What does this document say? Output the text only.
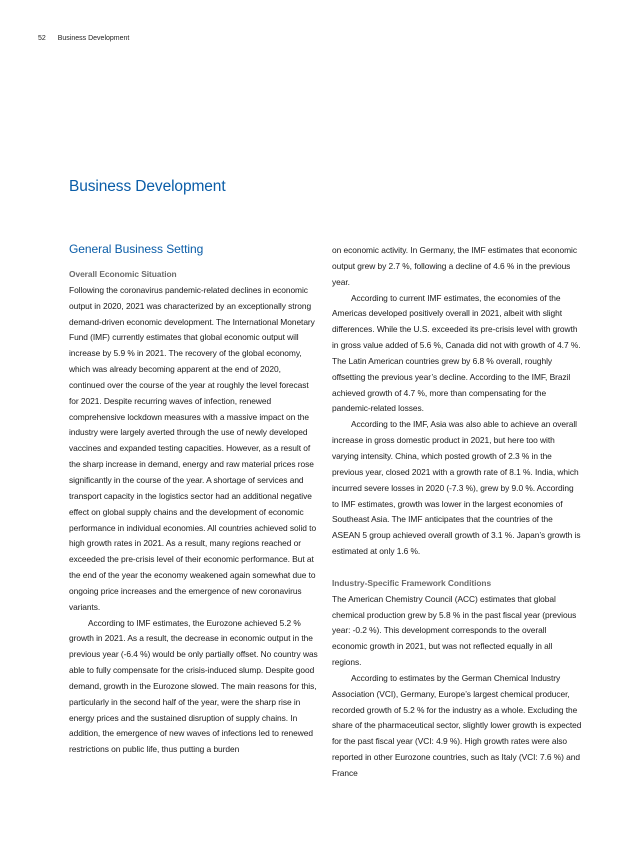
52 Business Development
Business Development
General Business Setting
Overall Economic Situation

Following the coronavirus pandemic-related declines in economic output in 2020, 2021 was characterized by an exceptionally strong demand-driven economic development. The International Monetary Fund (IMF) currently estimates that global economic output will increase by 5.9 % in 2021. The recovery of the global economy, which was already becoming apparent at the end of 2020, continued over the course of the year at roughly the level forecast for 2021. Despite recurring waves of infection, renewed comprehensive lockdown measures with a massive impact on the industry were largely averted through the use of newly developed vaccines and expanded testing capacities. However, as a result of the sharp increase in demand, energy and raw material prices rose significantly in the course of the year. A shortage of services and transport capacity in the logistics sector had an additional negative effect on global supply chains and the development of economic performance in individual economies. All countries achieved solid to high growth rates in 2021. As a result, many regions reached or exceeded the pre-crisis level of their economic performance. But at the end of the year the economy weakened again somewhat due to ongoing price increases and the emergence of new coronavirus variants.

According to IMF estimates, the Eurozone achieved 5.2 % growth in 2021. As a result, the decrease in economic output in the previous year (-6.4 %) would be only partially offset. No country was able to fully compensate for the crisis-induced slump. Despite good demand, growth in the Eurozone slowed. The main reasons for this, particularly in the second half of the year, were the sharp rise in energy prices and the sustained disruption of supply chains. In addition, the emergence of new waves of infections led to renewed restrictions on public life, thus putting a burden

on economic activity. In Germany, the IMF estimates that economic output grew by 2.7 %, following a decline of 4.6 % in the previous year.

According to current IMF estimates, the economies of the Americas developed positively overall in 2021, albeit with slight differences. While the U.S. exceeded its pre-crisis level with growth in gross value added of 5.6 %, Canada did not with growth of 4.7 %. The Latin American countries grew by 6.8 % overall, roughly offsetting the previous year’s decline. According to the IMF, Brazil achieved growth of 4.7 %, more than compensating for the pandemic-related losses.

According to the IMF, Asia was also able to achieve an overall increase in gross domestic product in 2021, but here too with varying intensity. China, which posted growth of 2.3 % in the previous year, closed 2021 with a growth rate of 8.1 %. India, which incurred severe losses in 2020 (-7.3 %), grew by 9.0 %. According to IMF estimates, growth was lower in the largest economies of Southeast Asia. The IMF anticipates that the countries of the ASEAN 5 group achieved overall growth of 3.1 %. Japan’s growth is estimated at only 1.6 %.

Industry-Specific Framework Conditions

The American Chemistry Council (ACC) estimates that global chemical production grew by 5.8 % in the past fiscal year (previous year: -0.2 %). This development corresponds to the overall economic growth in 2021, but was not reflected equally in all regions.

According to estimates by the German Chemical Industry Association (VCI), Germany, Europe’s largest chemical producer, recorded growth of 5.2 % for the industry as a whole. Excluding the share of the pharmaceutical sector, slightly lower growth is expected for the past fiscal year (VCI: 4.9 %). High growth rates were also reported in other Eurozone countries, such as Italy (VCI: 7.6 %) and France
